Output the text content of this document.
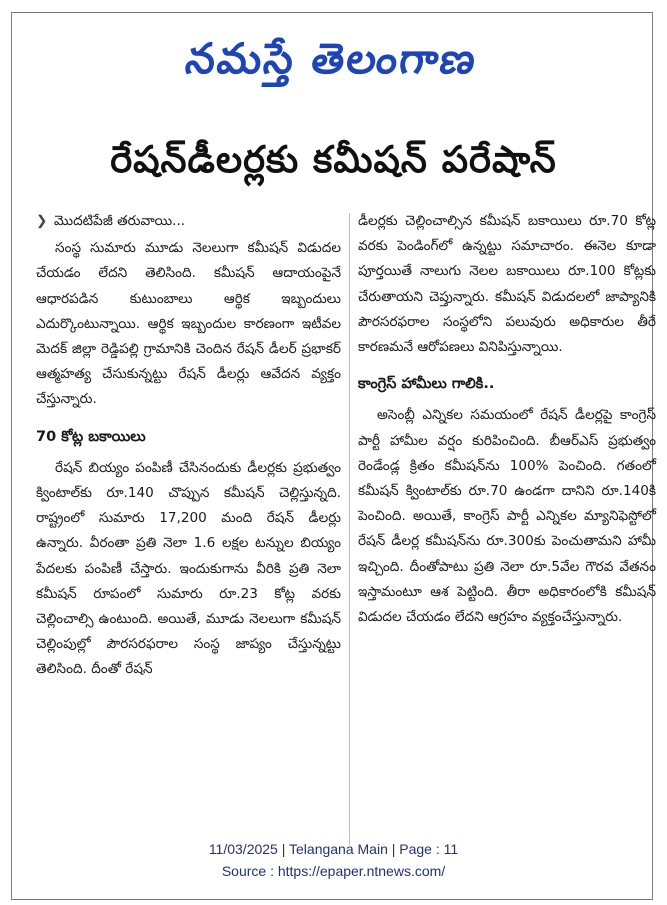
నమస్తే తెలంగాణ
రేషన్‌డీలర్లకు కమీషన్‌ పరేషాన్‌
❯ మొదటిపేజీ తరువాయి...

సంస్థ సుమారు మూడు నెలలుగా కమీషన్‌ విడుదల చేయడం లేదని తెలిసింది. కమీషన్‌ ఆదాయంపైనే ఆధారపడిన కుటుంబాలు ఆర్థిక ఇబ్బందులు ఎదుర్కొంటున్నాయి. ఆర్థిక ఇబ్బందుల కారణంగా ఇటీవల మెదక్‌ జిల్లా రెడ్డిపల్లి గ్రామానికి చెందిన రేషన్‌ డీలర్‌ ప్రభాకర్‌ ఆత్మహత్య చేసుకున్నట్టు రేషన్‌ డీలర్లు ఆవేదన వ్యక్తం చేస్తున్నారు.

70 కోట్ల బకాయిలు

రేషన్‌ బియ్యం పంపిణీ చేసినందుకు డీలర్లకు ప్రభుత్వం క్వింటాల్‌కు రూ.140 చొప్పున కమీషన్‌ చెల్లిస్తున్నది. రాష్ట్రంలో సుమారు 17,200 మంది రేషన్‌ డీలర్లు ఉన్నారు. వీరంతా ప్రతి నెలా 1.6 లక్షల టన్నుల బియ్యం పేదలకు పంపిణీ చేస్తారు. ఇందుకుగాను వీరికి ప్రతి నెలా కమీషన్‌ రూపంలో సుమారు రూ.23 కోట్ల వరకు చెల్లించాల్సి ఉంటుంది. అయితే, మూడు నెలలుగా కమీషన్‌ చెల్లింపుల్లో పౌరసరఫరాల సంస్థ జాప్యం చేస్తున్నట్టు తెలిసింది. దీంతో రేషన్‌

డీలర్లకు చెల్లించాల్సిన కమీషన్‌ బకాయిలు రూ.70 కోట్ల వరకు పెండింగ్‌లో ఉన్నట్టు సమాచారం. ఈనెల కూడా పూర్తయితే నాలుగు నెలల బకాయిలు రూ.100 కోట్లకు చేరుతాయని చెప్తున్నారు. కమీషన్‌ విడుదలలో జాప్యానికి పౌరసరఫరాల సంస్థలోని పలువురు అధికారుల తీరే కారణమనే ఆరోపణలు వినిపిస్తున్నాయి.

కాంగ్రెస్‌ హామీలు గాలికి..

అసెంబ్లీ ఎన్నికల సమయంలో రేషన్‌ డీలర్లపై కాంగ్రెస్‌ పార్టీ హామీల వర్షం కురిపించింది. బీఆర్‌ఎస్‌ ప్రభుత్వం రెండేండ్ల క్రితం కమీషన్‌ను 100% పెంచింది. గతంలో కమీషన్‌ క్వింటాల్‌కు రూ.70 ఉండగా దానిని రూ.140కి పెంచింది. అయితే, కాంగ్రెస్‌ పార్టీ ఎన్నికల మ్యానిఫెస్టోలో రేషన్‌ డీలర్ల కమీషన్‌ను రూ.300కు పెంచుతామని హామీ ఇచ్చింది. దీంతోపాటు ప్రతి నెలా రూ.5వేల గౌరవ వేతనం ఇస్తామంటూ ఆశ పెట్టింది. తీరా అధికారంలోకి కమీషన్‌ విడుదల చేయడం లేదని ఆగ్రహం వ్యక్తంచేస్తున్నారు.

11/03/2025 | Telangana Main | Page : 11
Source : https://epaper.ntnews.com/
